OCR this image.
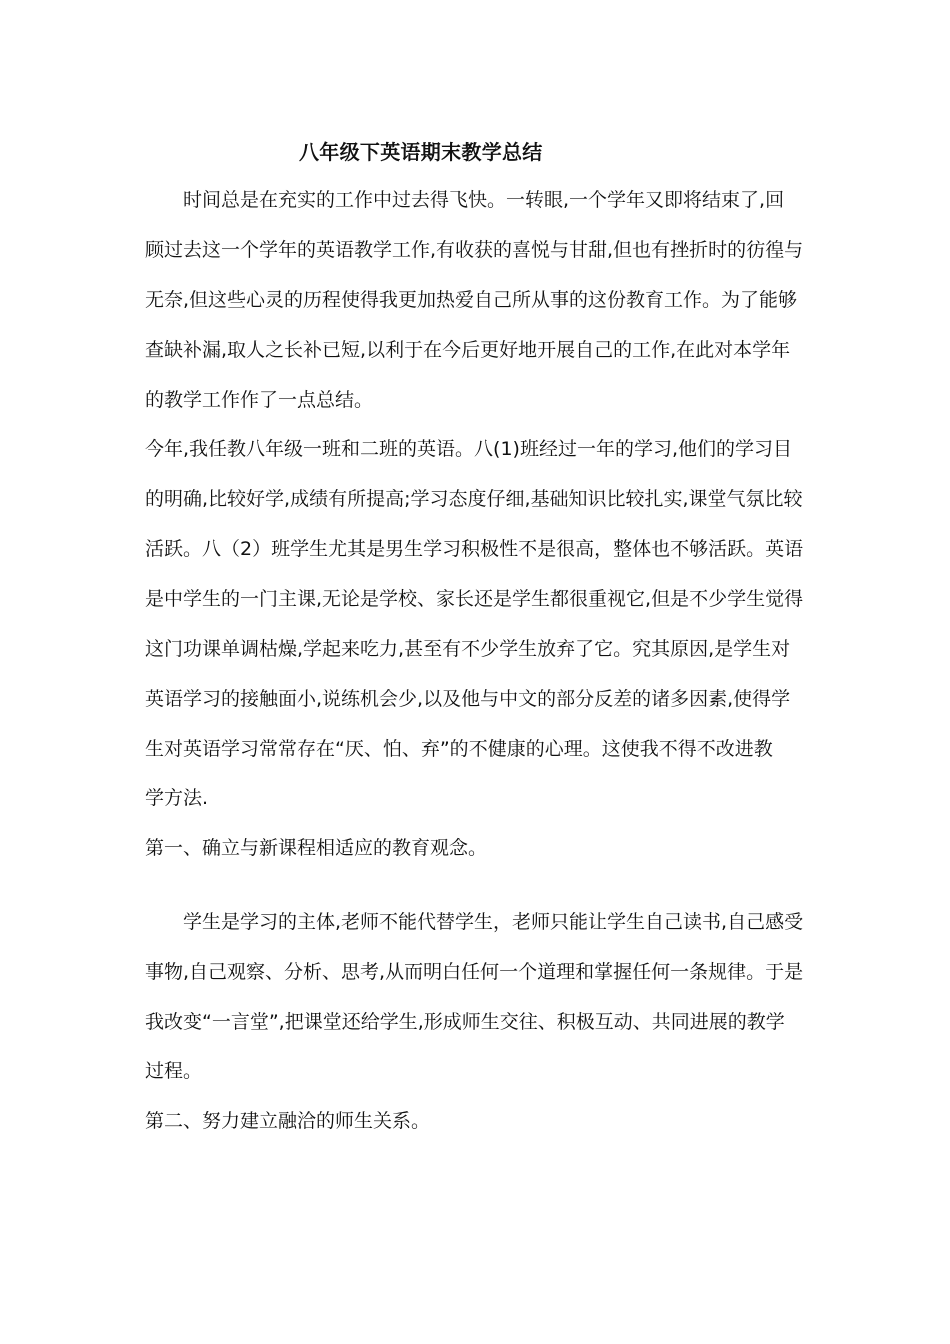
八年级下英语期末教学总结
　　时间总是在充实的工作中过去得飞快。一转眼,一个学年又即将结束了,回
顾过去这一个学年的英语教学工作,有收获的喜悦与甘甜,但也有挫折时的彷徨与
无奈,但这些心灵的历程使得我更加热爱自己所从事的这份教育工作。为了能够
查缺补漏,取人之长补已短,以利于在今后更好地开展自己的工作,在此对本学年
的教学工作作了一点总结。
今年,我任教八年级一班和二班的英语。八(1)班经过一年的学习,他们的学习目
的明确,比较好学,成绩有所提高;学习态度仔细,基础知识比较扎实,课堂气氛比较
活跃。八（2）班学生尤其是男生学习积极性不是很高，整体也不够活跃。英语
是中学生的一门主课,无论是学校、家长还是学生都很重视它,但是不少学生觉得
这门功课单调枯燥,学起来吃力,甚至有不少学生放弃了它。究其原因,是学生对
英语学习的接触面小,说练机会少,以及他与中文的部分反差的诸多因素,使得学
生对英语学习常常存在“厌、怕、弃”的不健康的心理。这使我不得不改进教
学方法.
第一、确立与新课程相适应的教育观念。
　　学生是学习的主体,老师不能代替学生，老师只能让学生自己读书,自己感受
事物,自己观察、分析、思考,从而明白任何一个道理和掌握任何一条规律。于是
我改变“一言堂”,把课堂还给学生,形成师生交往、积极互动、共同进展的教学
过程。
第二、努力建立融洽的师生关系。
